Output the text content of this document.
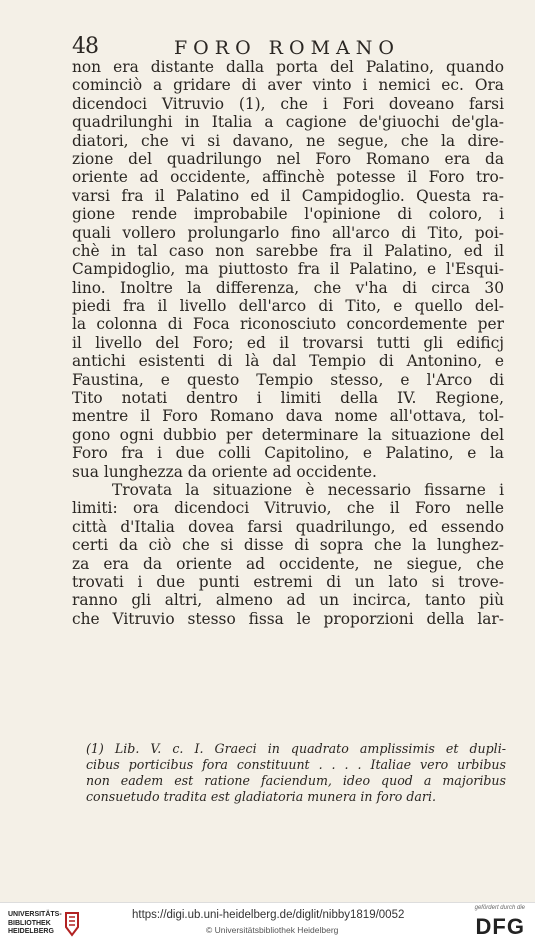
48	FORO ROMANO
non era distante dalla porta del Palatino, quando
cominciò a gridare di aver vinto i nemici ec. Ora
dicendoci Vitruvio (1), che i Fori doveano farsi
quadrilunghi in Italia a cagione de'giuochi de'gla-
diatori, che vi si davano, ne segue, che la dire-
zione del quadrilungo nel Foro Romano era da
oriente ad occidente, affinchè potesse il Foro tro-
varsi fra il Palatino ed il Campidoglio. Questa ra-
gione rende improbabile l'opinione di coloro, i
quali vollero prolungarlo fino all'arco di Tito, poi-
chè in tal caso non sarebbe fra il Palatino, ed il
Campidoglio, ma piuttosto fra il Palatino, e l'Esqui-
lino. Inoltre la differenza, che v'ha di circa 30
piedi fra il livello dell'arco di Tito, e quello del-
la colonna di Foca riconosciuto concordemente per
il livello del Foro; ed il trovarsi tutti gli edificj
antichi esistenti di là dal Tempio di Antonino, e
Faustina, e questo Tempio stesso, e l'Arco di
Tito notati dentro i limiti della IV. Regione,
mentre il Foro Romano dava nome all'ottava, tol-
gono ogni dubbio per determinare la situazione del
Foro fra i due colli Capitolino, e Palatino, e la
sua lunghezza da oriente ad occidente.
Trovata la situazione è necessario fissarne i
limiti: ora dicendoci Vitruvio, che il Foro nelle
città d'Italia dovea farsi quadrilungo, ed essendo
certi da ciò che si disse di sopra che la lunghez-
za era da oriente ad occidente, ne siegue, che
trovati i due punti estremi di un lato si trove-
ranno gli altri, almeno ad un incirca, tanto più
che Vitruvio stesso fissa le proporzioni della lar-
(1) Lib. V. c. I. Graeci in quadrato amplissimis et dupli-
cibus porticibus fora constituunt . . . . Italiae vero urbibus
non eadem est ratione faciendum, ideo quod a majoribus
consuetudo tradita est gladiatoria munera in foro dari.
UNIVERSITÄTS-
BIBLIOTHEK
HEIDELBERG
https://digi.ub.uni-heidelberg.de/diglit/nibby1819/0052
© Universitätsbibliothek Heidelberg
gefördert durch die
DFG
